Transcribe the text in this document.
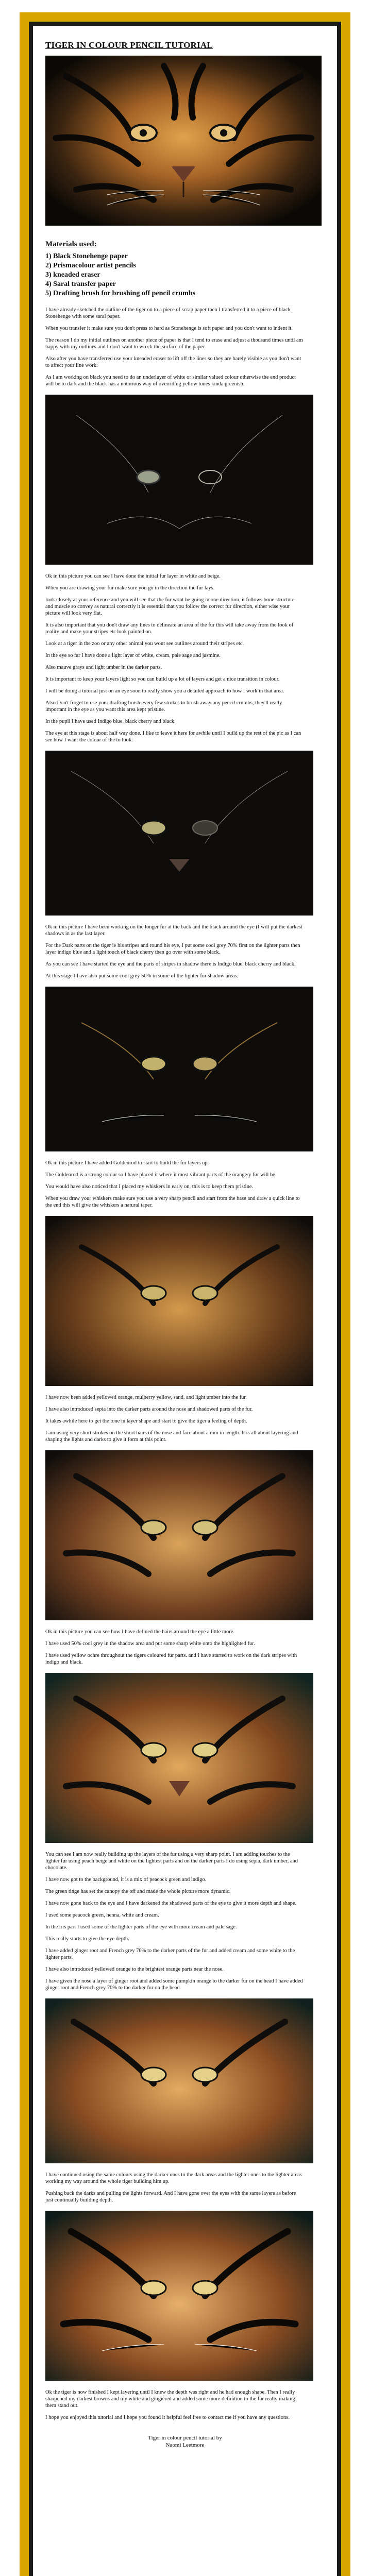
TIGER IN COLOUR PENCIL TUTORIAL
Materials used:
1) Black Stonehenge paper
2) Prismacolour artist pencils
3) kneaded eraser
4) Saral transfer paper
5) Drafting brush for brushing off pencil crumbs

I have already sketched the outline of the tiger on to a piece of scrap paper then I transferred it to a piece of black Stonehenge with some saral paper.

When you transfer it make sure you don't press to hard as Stonehenge is soft paper and you don't want to indent it.

The reason I do my initial outlines on another piece of paper is that I tend to erase and adjust a thousand times until am happy with my outlines and I don't want to wreck the surface of the paper.

Also after you have transferred use your kneaded eraser to lift off the lines so they are barely visible as you don't want to affect your line work.

As I am working on black you need to do an underlayer of white or similar valued colour otherwise the end product will be to dark and the black has a notorious way of overriding yellow tones kinda greenish.

Ok in this picture you can see I have done the initial fur layer in white and beige.

When you are drawing your fur make sure you go in the direction the fur lays.

look closely at your reference and you will see that the fur wont be going in one direction, it follows bone structure and muscle so convey as natural correctly it is essential that you follow the correct fur direction, either wise your picture will look very flat.

It is also important that you don't draw any lines to delineate an area of the fur this will take away from the look of reality and make your stripes etc look painted on.

Look at a tiger in the zoo or any other animal you wont see outlines around their stripes etc.

In the eye so far I have done a light layer of white, cream, pale sage and jasmine.

Also mauve grays and light umber in the darker parts.

It is important to keep your layers light so you can build up a lot of layers and get a nice transition in colour.

I will be doing a tutorial just on an eye soon to really show you a detailed approach to how I work in that area.

Also Don't forget to use your drafting brush every few strokes to brush away any pencil crumbs, they'll really important in the eye as you want this area kept pristine.

In the pupil I have used Indigo blue, black cherry and black.

The eye at this stage is about half way done. I like to leave it here for awhile until I build up the rest of the pic as I can see how I want the colour of the to look.

Ok in this picture I have been working on the longer fur at the back and the black around the eye (I will put the darkest shadows in as the last layer.

For the Dark parts on the tiger ie his stripes and round his eye, I put some cool grey 70% first on the lighter parts then layer indigo blue and a light touch of black cherry then go over with some black.

As you can see I have started the eye and the parts of stripes in shadow there is Indigo blue, black cherry and black.

At this stage I have also put some cool grey 50% in some of the lighter fur shadow areas.

Ok in this picture I have added Goldenrod to start to build the fur layers up.

The Goldenrod is a strong colour so I have placed it where it most vibrant parts of the orange/y fur will be.

You would have also noticed that I placed my whiskers in early on, this is to keep them pristine.

When you draw your whiskers make sure you use a very sharp pencil and start from the base and draw a quick line to the end this will give the whiskers a natural taper.

I have now been added yellowed orange, mulberry yellow, sand, and light umber into the fur.

I have also introduced sepia into the darker parts around the nose and shadowed parts of the fur.

It takes awhile here to get the tone in layer shape and start to give the tiger a feeling of depth.

I am using very short strokes on the short hairs of the nose and face about a mm in length. It is all about layering and shaping the lights and darks to give it form at this point.

Ok in this picture you can see how I have defined the hairs around the eye a little more.

I have used 50% cool grey in the shadow area and put some sharp white onto the highlighted fur.

I have used yellow ochre throughout the tigers coloured fur parts. and I have started to work on the dark stripes with indigo and black.

You can see I am now really building up the layers of the fur using a very sharp point. I am adding touches to the lighter fur using peach beige and white on the lightest parts and on the darker parts I do using sepia, dark umber, and chocolate.

I have now got to the background, it is a mix of peacock green and indigo.

The green tinge has set the canopy the off and made the whole picture more dynamic.

I have now gone back to the eye and I have darkened the shadowed parts of the eye to give it more depth and shape.

I used some peacock green, henna, white and cream.

In the iris part I used some of the lighter parts of the eye with more cream and pale sage.

This really starts to give the eye depth.

I have added ginger root and French grey 70% to the darker parts of the fur and added cream and some white to the lighter parts.

I have also introduced yellowed orange to the brightest orange parts near the nose.

I have given the nose a layer of ginger root and added some pumpkin orange to the darker fur on the head I have added ginger root and French grey 70% to the darker fur on the head.

I have continued using the same colours using the darker ones to the dark areas and the lighter ones to the lighter areas working my way around the whole tiger building him up.

Pushing back the darks and pulling the lights forward. And I have gone over the eyes with the same layers as before just continually building depth.

Ok the tiger is now finished I kept layering until I knew the depth was right and he had enough shape. Then I really sharpened my darkest browns and my white and gingiered and added some more definition to the fur really making them stand out.

I hope you enjoyed this tutorial and I hope you found it helpful feel free to contact me if you have any questions.

Tiger in colour pencil tutorial by
Naomi Leetmore
